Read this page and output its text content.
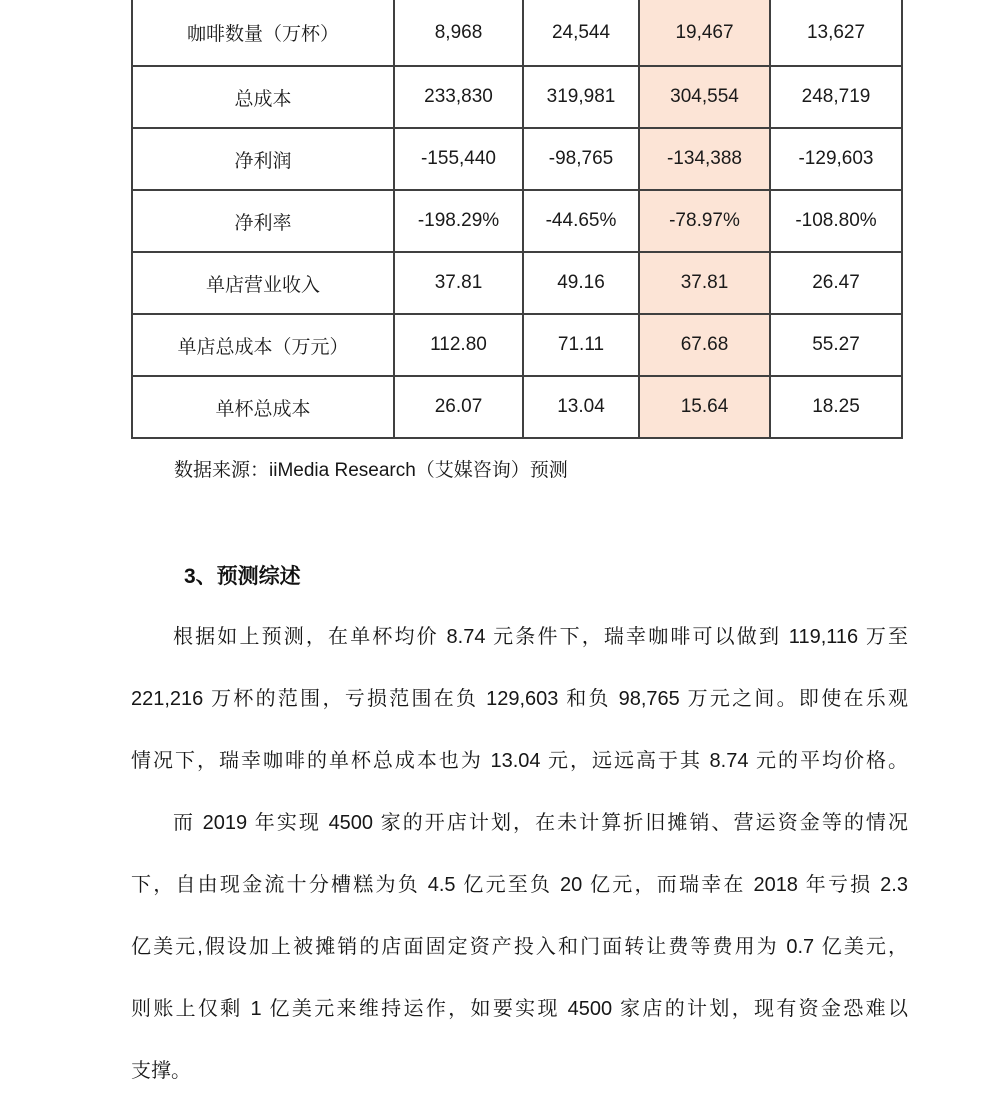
咖啡数量（万杯）	8,968	24,544	19,467	13,627
总成本	233,830	319,981	304,554	248,719
净利润	-155,440	-98,765	-134,388	-129,603
净利率	-198.29%	-44.65%	-78.97%	-108.80%
单店营业收入	37.81	49.16	37.81	26.47
单店总成本（万元）	112.80	71.11	67.68	55.27
单杯总成本	26.07	13.04	15.64	18.25
数据来源：iiMedia Research（艾媒咨询）预测
3、预测综述
根据如上预测，在单杯均价 8.74 元条件下，瑞幸咖啡可以做到 119,116 万至
221,216 万杯的范围，亏损范围在负 129,603 和负 98,765 万元之间。即使在乐观
情况下，瑞幸咖啡的单杯总成本也为 13.04 元，远远高于其 8.74 元的平均价格。
而 2019 年实现 4500 家的开店计划，在未计算折旧摊销、营运资金等的情况
下，自由现金流十分槽糕为负 4.5 亿元至负 20 亿元，而瑞幸在 2018 年亏损 2.3
亿美元,假设加上被摊销的店面固定资产投入和门面转让费等费用为 0.7 亿美元，
则账上仅剩 1 亿美元来维持运作，如要实现 4500 家店的计划，现有资金恐难以
支撑。
